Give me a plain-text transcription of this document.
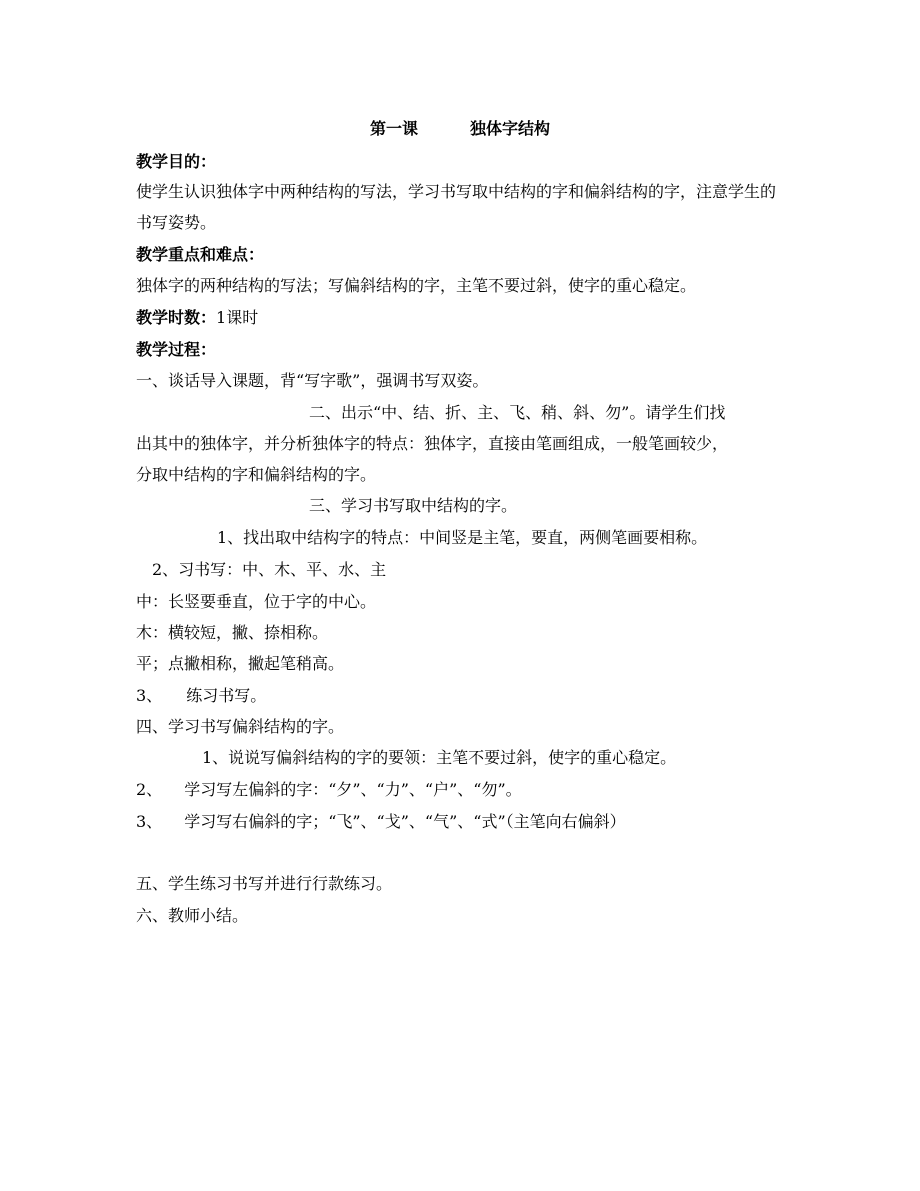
第一课	独体字结构
教学目的：
使学生认识独体字中两种结构的写法，学习书写取中结构的字和偏斜结构的字，注意学生的书写姿势。
教学重点和难点：
独体字的两种结构的写法；写偏斜结构的字，主笔不要过斜，使字的重心稳定。
教学时数：1课时
教学过程：
一、谈话导入课题，背“写字歌”，强调书写双姿。
二、出示“中、结、折、主、飞、稍、斜、勿”。请学生们找
出其中的独体字，并分析独体字的特点：独体字，直接由笔画组成，一般笔画较少，
分取中结构的字和偏斜结构的字。
三、学习书写取中结构的字。
1、找出取中结构字的特点：中间竖是主笔，要直，两侧笔画要相称。
2、习书写：中、木、平、水、主
中：长竖要垂直，位于字的中心。
木：横较短，撇、捺相称。
平；点撇相称，撇起笔稍高。
3、 练习书写。
四、学习书写偏斜结构的字。
1、说说写偏斜结构的字的要领：主笔不要过斜，使字的重心稳定。
2、 学习写左偏斜的字：“夕”、“力”、“户”、“勿”。
3、 学习写右偏斜的字；“飞”、“戈”、“气”、“式”（主笔向右偏斜）
五、学生练习书写并进行行款练习。
六、教师小结。
